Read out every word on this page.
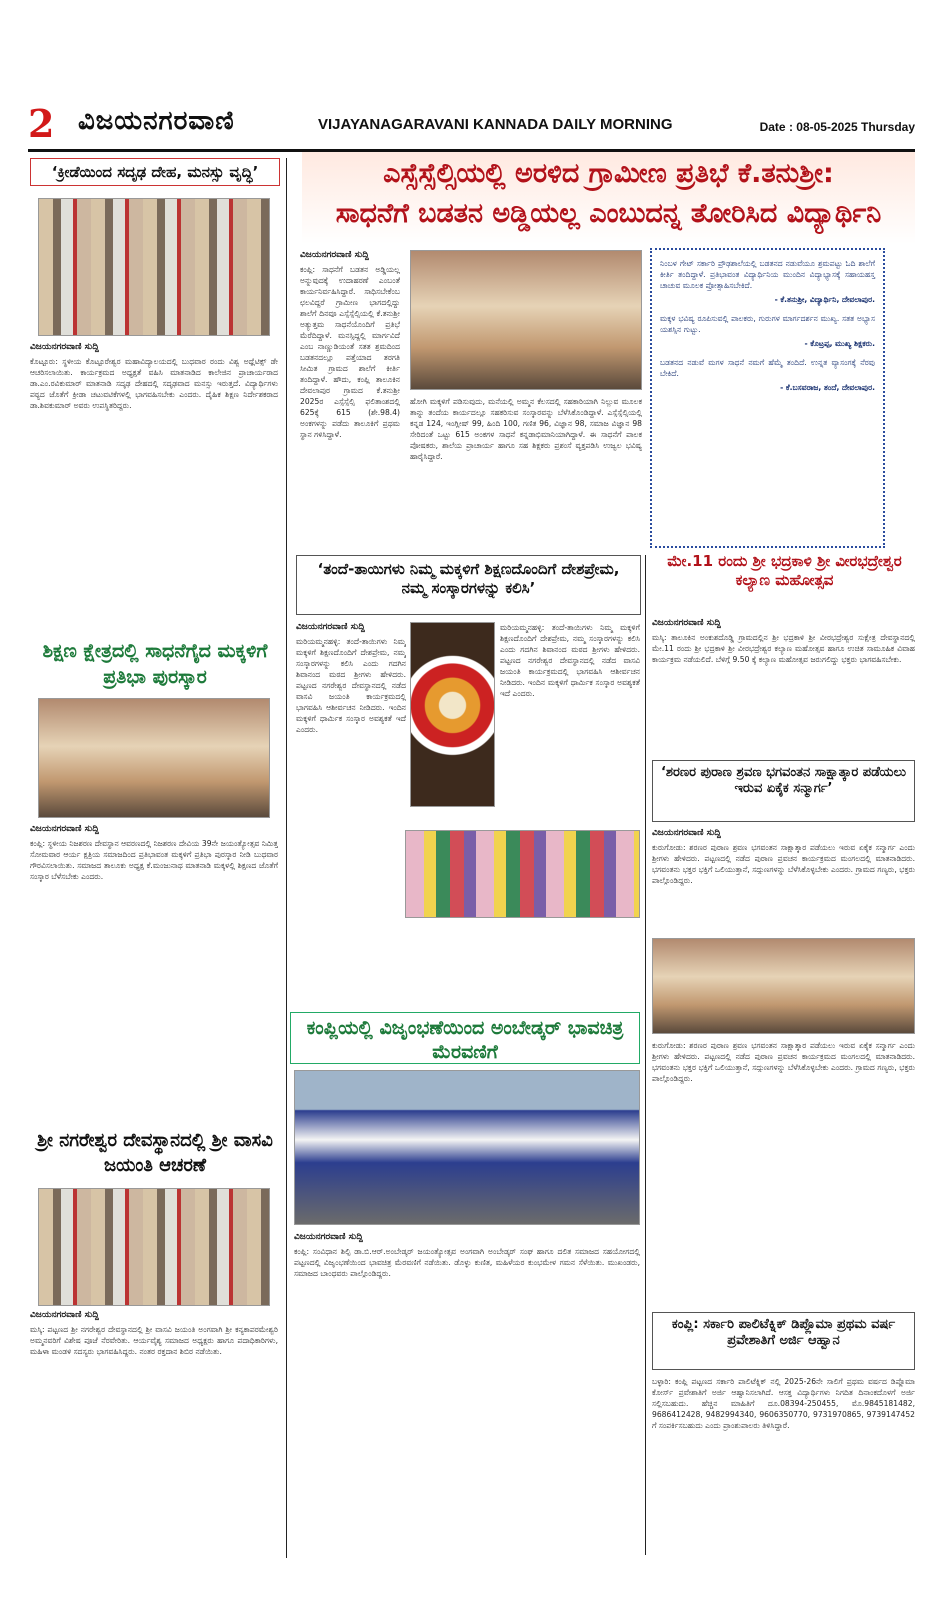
2 ವಿಜಯನಗರವಾಣಿ	VIJAYANAGARAVANI KANNADA DAILY MORNING	Date : 08-05-2025 Thursday
‘ಕ್ರೀಡೆಯಿಂದ ಸದೃಢ ದೇಹ, ಮನಸ್ಸು ವೃದ್ಧಿ’
ವಿಜಯನಗರವಾಣಿ ಸುದ್ದಿ
ಕೊಟ್ಟೂರು: ಸ್ಥಳೀಯ ಕೊಟ್ಟೂರೇಶ್ವರ ಮಹಾವಿದ್ಯಾಲಯದಲ್ಲಿ ಬುಧವಾರ ರಂದು ವಿಶ್ವ ಅಥ್ಲೆಟಿಕ್ಸ್ ಡೇ ಆಚರಿಸಲಾಯಿತು. ಕಾರ್ಯಕ್ರಮದ ಅಧ್ಯಕ್ಷತೆ ವಹಿಸಿ ಮಾತನಾಡಿದ ಕಾಲೇಜಿನ ಪ್ರಾಚಾರ್ಯರಾದ ಡಾ.ಎಂ.ರವಿಕುಮಾರ್ ಮಾತನಾಡಿ ಸದೃಢ ದೇಹದಲ್ಲಿ ಸದೃಢವಾದ ಮನಸ್ಸು ಇರುತ್ತದೆ. ವಿದ್ಯಾರ್ಥಿಗಳು ಪಠ್ಯದ ಜೊತೆಗೆ ಕ್ರೀಡಾ ಚಟುವಟಿಕೆಗಳಲ್ಲಿ ಭಾಗವಹಿಸಬೇಕು ಎಂದರು. ದೈಹಿಕ ಶಿಕ್ಷಣ ನಿರ್ದೇಶಕರಾದ ಡಾ.ಶಿವಕುಮಾರ್ ಅವರು ಉಪಸ್ಥಿತರಿದ್ದರು.
ಶಿಕ್ಷಣ ಕ್ಷೇತ್ರದಲ್ಲಿ ಸಾಧನೆಗೈದ ಮಕ್ಕಳಿಗೆ ಪ್ರತಿಭಾ ಪುರಸ್ಕಾರ
ವಿಜಯನಗರವಾಣಿ ಸುದ್ದಿ
ಕಂಪ್ಲಿ: ಸ್ಥಳೀಯ ನಿಜಶರಣ ದೇವಸ್ಥಾನ ಆವರಣದಲ್ಲಿ ನಿಜಶರಣ ದೇವಿಯ 39ನೇ ಜಯಂತ್ಯೋತ್ಸವ ನಿಮಿತ್ತ ಸೋಮವಾರ ಆರ್ಯ ಕ್ಷತ್ರಿಯ ಸಮಾಜದಿಂದ ಪ್ರತಿಭಾವಂತ ಮಕ್ಕಳಿಗೆ ಪ್ರತಿಭಾ ಪುರಸ್ಕಾರ ನೀಡಿ ಬುಧವಾರ ಗೌರವಿಸಲಾಯಿತು. ಸಮಾಜದ ತಾಲೂಕು ಅಧ್ಯಕ್ಷ ಕೆ.ಮಂಜುನಾಥ ಮಾತನಾಡಿ ಮಕ್ಕಳಲ್ಲಿ ಶಿಕ್ಷಣದ ಜೊತೆಗೆ ಸಂಸ್ಕಾರ ಬೆಳೆಸಬೇಕು ಎಂದರು.
ಶ್ರೀ ನಗರೇಶ್ವರ ದೇವಸ್ಥಾನದಲ್ಲಿ ಶ್ರೀ ವಾಸವಿ ಜಯಂತಿ ಆಚರಣೆ
ವಿಜಯನಗರವಾಣಿ ಸುದ್ದಿ
ಮಸ್ಕಿ: ಪಟ್ಟಣದ ಶ್ರೀ ನಗರೇಶ್ವರ ದೇವಸ್ಥಾನದಲ್ಲಿ ಶ್ರೀ ವಾಸವಿ ಜಯಂತಿ ಅಂಗವಾಗಿ ಶ್ರೀ ಕನ್ಯಕಾಪರಮೇಶ್ವರಿ ಅಮ್ಮನವರಿಗೆ ವಿಶೇಷ ಪೂಜೆ ನೆರವೇರಿತು. ಆರ್ಯವೈಶ್ಯ ಸಮಾಜದ ಅಧ್ಯಕ್ಷರು ಹಾಗೂ ಪದಾಧಿಕಾರಿಗಳು, ಮಹಿಳಾ ಮಂಡಳಿ ಸದಸ್ಯರು ಭಾಗವಹಿಸಿದ್ದರು. ನಂತರ ರಕ್ತದಾನ ಶಿಬಿರ ನಡೆಯಿತು.
ಎಸ್ಸೆಸ್ಸೆಲ್ಸಿಯಲ್ಲಿ ಅರಳಿದ ಗ್ರಾಮೀಣ ಪ್ರತಿಭೆ ಕೆ.ತನುಶ್ರೀ:
ಸಾಧನೆಗೆ ಬಡತನ ಅಡ್ಡಿಯಲ್ಲ ಎಂಬುದನ್ನ ತೋರಿಸಿದ ವಿದ್ಯಾರ್ಥಿನಿ
ವಿಜಯನಗರವಾಣಿ ಸುದ್ದಿ
ಕಂಪ್ಲಿ: ಸಾಧನೆಗೆ ಬಡತನ ಅಡ್ಡಿಯಲ್ಲ ಅನ್ನುವುದಕ್ಕೆ ಉದಾಹರಣೆ ಎಂಬಂತೆ ಕಾರ್ಯನಿರ್ವಹಿಸಿದ್ದಾರೆ. ಸಾಧಿಸಬೇಕೆಂಬ ಛಲವಿದ್ದರೆ ಗ್ರಾಮೀಣ ಭಾಗದಲ್ಲಿದ್ದು ಶಾಲೆಗೆ ದಿನವೂ ಎಸ್ಸೆಸ್ಸೆಲ್ಸಿಯಲ್ಲಿ ಕೆ.ತನುಶ್ರೀ ಅತ್ಯುತ್ತಮ ಸಾಧನೆಯೊಂದಿಗೆ ಪ್ರತಿಭೆ ಮೆರೆದಿದ್ದಾಳೆ. ಮನಸ್ಸಿದ್ದಲ್ಲಿ ಮಾರ್ಗವಿದೆ ಎಂಬ ನಾಣ್ಣುಡಿಯಂತೆ ಸತತ ಶ್ರಮದಿಂದ ಬಡತನದಲ್ಲೂ ಪತ್ತೆಯಾದ ತರಗತಿ ಸೀಮಿತ ಗ್ರಾಮದ ಶಾಲೆಗೆ ಕೀರ್ತಿ ತಂದಿದ್ದಾಳೆ. ಹೌದು, ಕಂಪ್ಲಿ ತಾಲೂಕಿನ ದೇವಲಾಪುರ ಗ್ರಾಮದ ಕೆ.ತನುಶ್ರೀ 2025ರ ಎಸ್ಸೆಸ್ಸೆಲ್ಸಿ ಫಲಿತಾಂಶದಲ್ಲಿ 625ಕ್ಕೆ 615 (ಶೇ.98.4) ಅಂಕಗಳನ್ನು ಪಡೆದು ತಾಲೂಕಿಗೆ ಪ್ರಥಮ ಸ್ಥಾನ ಗಳಿಸಿದ್ದಾಳೆ.
ಹೋಗಿ ಮಕ್ಕಳಿಗೆ ಪಡಿಸುವುದು, ಮನೆಯಲ್ಲಿ ಅಮ್ಮನ ಕೆಲಸದಲ್ಲಿ ಸಹಕಾರಿಯಾಗಿ ನಿಲ್ಲುವ ಮೂಲಕ ತಾನ್ನು ತಂದೆಯ ಕಾರ್ಯದಲ್ಲೂ ಸಹಕರಿಸುವ ಸಂಸ್ಕಾರವನ್ನು ಬೆಳೆಸಿಕೊಂಡಿದ್ದಾಳೆ. ಎಸ್ಸೆಸ್ಸೆಲ್ಸಿಯಲ್ಲಿ ಕನ್ನಡ 124, ಇಂಗ್ಲೀಷ್ 99, ಹಿಂದಿ 100, ಗಣಿತ 96, ವಿಜ್ಞಾನ 98, ಸಮಾಜ ವಿಜ್ಞಾನ 98 ಸೇರಿದಂತೆ ಒಟ್ಟು 615 ಅಂಕಗಳ ಸಾಧನೆ ಕನ್ನಡಾಭಿಮಾನಿಯಾಗಿದ್ದಾಳೆ. ಈ ಸಾಧನೆಗೆ ಪಾಲಕ ಪೋಷಕರು, ಶಾಲೆಯ ಪ್ರಾಚಾರ್ಯ ಹಾಗೂ ಸಹ ಶಿಕ್ಷಕರು ಪ್ರಶಂಸೆ ವ್ಯಕ್ತಪಡಿಸಿ ಉಜ್ವಲ ಭವಿಷ್ಯ ಹಾರೈಸಿದ್ದಾರೆ.

ನಿಂಬಳ ಗೇಟ್ ಸರ್ಕಾರಿ ಪ್ರೌಢಶಾಲೆಯಲ್ಲಿ ಬಡತನದ ನಡುವೆಯೂ ಶ್ರಮಪಟ್ಟು ಓದಿ ಶಾಲೆಗೆ ಕೀರ್ತಿ ತಂದಿದ್ದಾಳೆ. ಪ್ರತಿಭಾವಂತ ವಿದ್ಯಾರ್ಥಿನಿಯ ಮುಂದಿನ ವಿದ್ಯಾಭ್ಯಾಸಕ್ಕೆ ಸಹಾಯಹಸ್ತ ಚಾಚುವ ಮೂಲಕ ಪ್ರೋತ್ಸಾಹಿಸಬೇಕಿದೆ.

- ಕೆ.ತನುಶ್ರೀ, ವಿದ್ಯಾರ್ಥಿನಿ, ದೇವಲಾಪುರ.

ಮಕ್ಕಳ ಭವಿಷ್ಯ ರೂಪಿಸುವಲ್ಲಿ ಪಾಲಕರು, ಗುರುಗಳ ಮಾರ್ಗದರ್ಶನ ಮುಖ್ಯ. ಸತತ ಅಭ್ಯಾಸ ಯಶಸ್ಸಿನ ಗುಟ್ಟು.

- ಕೊಟ್ರಪ್ಪ, ಮುಖ್ಯ ಶಿಕ್ಷಕರು.

ಬಡತನದ ನಡುವೆ ಮಗಳ ಸಾಧನೆ ನಮಗೆ ಹೆಮ್ಮೆ ತಂದಿದೆ. ಉನ್ನತ ವ್ಯಾಸಂಗಕ್ಕೆ ನೆರವು ಬೇಕಿದೆ.

- ಕೆ.ಬಸವರಾಜ, ತಂದೆ, ದೇವಲಾಪುರ.
‘ತಂದೆ-ತಾಯಿಗಳು ನಿಮ್ಮ ಮಕ್ಕಳಿಗೆ ಶಿಕ್ಷಣದೊಂದಿಗೆ ದೇಶಪ್ರೇಮ, ನಮ್ಮ ಸಂಸ್ಕಾರಗಳನ್ನು ಕಲಿಸಿ’
ವಿಜಯನಗರವಾಣಿ ಸುದ್ದಿ
ಮರಿಯಮ್ಮನಹಳ್ಳಿ: ತಂದೆ-ತಾಯಿಗಳು ನಿಮ್ಮ ಮಕ್ಕಳಿಗೆ ಶಿಕ್ಷಣದೊಂದಿಗೆ ದೇಶಪ್ರೇಮ, ನಮ್ಮ ಸಂಸ್ಕಾರಗಳನ್ನು ಕಲಿಸಿ ಎಂದು ಗದಗಿನ ಶಿವಾನಂದ ಮಠದ ಶ್ರೀಗಳು ಹೇಳಿದರು. ಪಟ್ಟಣದ ನಗರೇಶ್ವರ ದೇವಸ್ಥಾನದಲ್ಲಿ ನಡೆದ ವಾಸವಿ ಜಯಂತಿ ಕಾರ್ಯಕ್ರಮದಲ್ಲಿ ಭಾಗವಹಿಸಿ ಆಶೀರ್ವಚನ ನೀಡಿದರು. ಇಂದಿನ ಮಕ್ಕಳಿಗೆ ಧಾರ್ಮಿಕ ಸಂಸ್ಕಾರ ಅವಶ್ಯಕತೆ ಇದೆ ಎಂದರು.
ಮರಿಯಮ್ಮನಹಳ್ಳಿ: ತಂದೆ-ತಾಯಿಗಳು ನಿಮ್ಮ ಮಕ್ಕಳಿಗೆ ಶಿಕ್ಷಣದೊಂದಿಗೆ ದೇಶಪ್ರೇಮ, ನಮ್ಮ ಸಂಸ್ಕಾರಗಳನ್ನು ಕಲಿಸಿ ಎಂದು ಗದಗಿನ ಶಿವಾನಂದ ಮಠದ ಶ್ರೀಗಳು ಹೇಳಿದರು. ಪಟ್ಟಣದ ನಗರೇಶ್ವರ ದೇವಸ್ಥಾನದಲ್ಲಿ ನಡೆದ ವಾಸವಿ ಜಯಂತಿ ಕಾರ್ಯಕ್ರಮದಲ್ಲಿ ಭಾಗವಹಿಸಿ ಆಶೀರ್ವಚನ ನೀಡಿದರು. ಇಂದಿನ ಮಕ್ಕಳಿಗೆ ಧಾರ್ಮಿಕ ಸಂಸ್ಕಾರ ಅವಶ್ಯಕತೆ ಇದೆ ಎಂದರು.
ಕಂಪ್ಲಿಯಲ್ಲಿ ವಿಜೃಂಭಣೆಯಿಂದ ಅಂಬೇಡ್ಕರ್ ಭಾವಚಿತ್ರ ಮೆರವಣಿಗೆ
ವಿಜಯನಗರವಾಣಿ ಸುದ್ದಿ
ಕಂಪ್ಲಿ: ಸಂವಿಧಾನ ಶಿಲ್ಪಿ ಡಾ.ಬಿ.ಆರ್.ಅಂಬೇಡ್ಕರ್ ಜಯಂತ್ಯೋತ್ಸವ ಅಂಗವಾಗಿ ಅಂಬೇಡ್ಕರ್ ಸಂಘ ಹಾಗೂ ದಲಿತ ಸಮಾಜದ ಸಹಯೋಗದಲ್ಲಿ ಪಟ್ಟಣದಲ್ಲಿ ವಿಜೃಂಭಣೆಯಿಂದ ಭಾವಚಿತ್ರ ಮೆರವಣಿಗೆ ನಡೆಯಿತು. ಡೊಳ್ಳು ಕುಣಿತ, ಮಹಿಳೆಯರ ಕುಂಭಮೇಳ ಗಮನ ಸೆಳೆಯಿತು. ಮುಖಂಡರು, ಸಮಾಜದ ಬಾಂಧವರು ಪಾಲ್ಗೊಂಡಿದ್ದರು.
ಮೇ.11 ರಂದು ಶ್ರೀ ಭದ್ರಕಾಳಿ ಶ್ರೀ ವೀರಭದ್ರೇಶ್ವರ ಕಲ್ಯಾಣ ಮಹೋತ್ಸವ
ವಿಜಯನಗರವಾಣಿ ಸುದ್ದಿ
ಮಸ್ಕಿ: ತಾಲೂಕಿನ ಅಂಕುಶದೊಡ್ಡಿ ಗ್ರಾಮದಲ್ಲಿನ ಶ್ರೀ ಭದ್ರಕಾಳಿ ಶ್ರೀ ವೀರಭದ್ರೇಶ್ವರ ಸುಕ್ಷೇತ್ರ ದೇವಸ್ಥಾನದಲ್ಲಿ ಮೇ.11 ರಂದು ಶ್ರೀ ಭದ್ರಕಾಳಿ ಶ್ರೀ ವೀರಭದ್ರೇಶ್ವರ ಕಲ್ಯಾಣ ಮಹೋತ್ಸವ ಹಾಗೂ ಉಚಿತ ಸಾಮೂಹಿಕ ವಿವಾಹ ಕಾರ್ಯಕ್ರಮ ನಡೆಯಲಿದೆ. ಬೆಳಿಗ್ಗೆ 9.50 ಕ್ಕೆ ಕಲ್ಯಾಣ ಮಹೋತ್ಸವ ಜರುಗಲಿದ್ದು ಭಕ್ತರು ಭಾಗವಹಿಸಬೇಕು.
‘ಶರಣರ ಪುರಾಣ ಶ್ರವಣ ಭಗವಂತನ ಸಾಕ್ಷಾತ್ಕಾರ ಪಡೆಯಲು ಇರುವ ಏಕೈಕ ಸನ್ಮಾರ್ಗ’
ವಿಜಯನಗರವಾಣಿ ಸುದ್ದಿ
ಕುರುಗೋಡು: ಶರಣರ ಪುರಾಣ ಶ್ರವಣ ಭಗವಂತನ ಸಾಕ್ಷಾತ್ಕಾರ ಪಡೆಯಲು ಇರುವ ಏಕೈಕ ಸನ್ಮಾರ್ಗ ಎಂದು ಶ್ರೀಗಳು ಹೇಳಿದರು. ಪಟ್ಟಣದಲ್ಲಿ ನಡೆದ ಪುರಾಣ ಪ್ರವಚನ ಕಾರ್ಯಕ್ರಮದ ಮಂಗಲದಲ್ಲಿ ಮಾತನಾಡಿದರು. ಭಗವಂತನು ಭಕ್ತರ ಭಕ್ತಿಗೆ ಒಲಿಯುತ್ತಾನೆ, ಸದ್ಗುಣಗಳನ್ನು ಬೆಳೆಸಿಕೊಳ್ಳಬೇಕು ಎಂದರು. ಗ್ರಾಮದ ಗಣ್ಯರು, ಭಕ್ತರು ಪಾಲ್ಗೊಂಡಿದ್ದರು.
ಕುರುಗೋಡು: ಶರಣರ ಪುರಾಣ ಶ್ರವಣ ಭಗವಂತನ ಸಾಕ್ಷಾತ್ಕಾರ ಪಡೆಯಲು ಇರುವ ಏಕೈಕ ಸನ್ಮಾರ್ಗ ಎಂದು ಶ್ರೀಗಳು ಹೇಳಿದರು. ಪಟ್ಟಣದಲ್ಲಿ ನಡೆದ ಪುರಾಣ ಪ್ರವಚನ ಕಾರ್ಯಕ್ರಮದ ಮಂಗಲದಲ್ಲಿ ಮಾತನಾಡಿದರು. ಭಗವಂತನು ಭಕ್ತರ ಭಕ್ತಿಗೆ ಒಲಿಯುತ್ತಾನೆ, ಸದ್ಗುಣಗಳನ್ನು ಬೆಳೆಸಿಕೊಳ್ಳಬೇಕು ಎಂದರು. ಗ್ರಾಮದ ಗಣ್ಯರು, ಭಕ್ತರು ಪಾಲ್ಗೊಂಡಿದ್ದರು.
ಕಂಪ್ಲಿ: ಸರ್ಕಾರಿ ಪಾಲಿಟೆಕ್ನಿಕ್ ಡಿಪ್ಲೊಮಾ ಪ್ರಥಮ ವರ್ಷ ಪ್ರವೇಶಾತಿಗೆ ಅರ್ಜಿ ಆಹ್ವಾನ
ಬಳ್ಳಾರಿ: ಕಂಪ್ಲಿ ಪಟ್ಟಣದ ಸರ್ಕಾರಿ ಪಾಲಿಟೆಕ್ನಿಕ್ ನಲ್ಲಿ 2025-26ನೇ ಸಾಲಿಗೆ ಪ್ರಥಮ ವರ್ಷದ ಡಿಪ್ಲೊಮಾ ಕೋರ್ಸ್ ಪ್ರವೇಶಾತಿಗೆ ಅರ್ಜಿ ಆಹ್ವಾನಿಸಲಾಗಿದೆ. ಆಸಕ್ತ ವಿದ್ಯಾರ್ಥಿಗಳು ನಿಗದಿತ ದಿನಾಂಕದೊಳಗೆ ಅರ್ಜಿ ಸಲ್ಲಿಸಬಹುದು. ಹೆಚ್ಚಿನ ಮಾಹಿತಿಗೆ ದೂ.08394-250455, ಮೊ.9845181482, 9686412428, 9482994340, 9606350770, 9731970865, 9739147452 ಗೆ ಸಂಪರ್ಕಿಸಬಹುದು ಎಂದು ಪ್ರಾಂಶುಪಾಲರು ತಿಳಿಸಿದ್ದಾರೆ.
